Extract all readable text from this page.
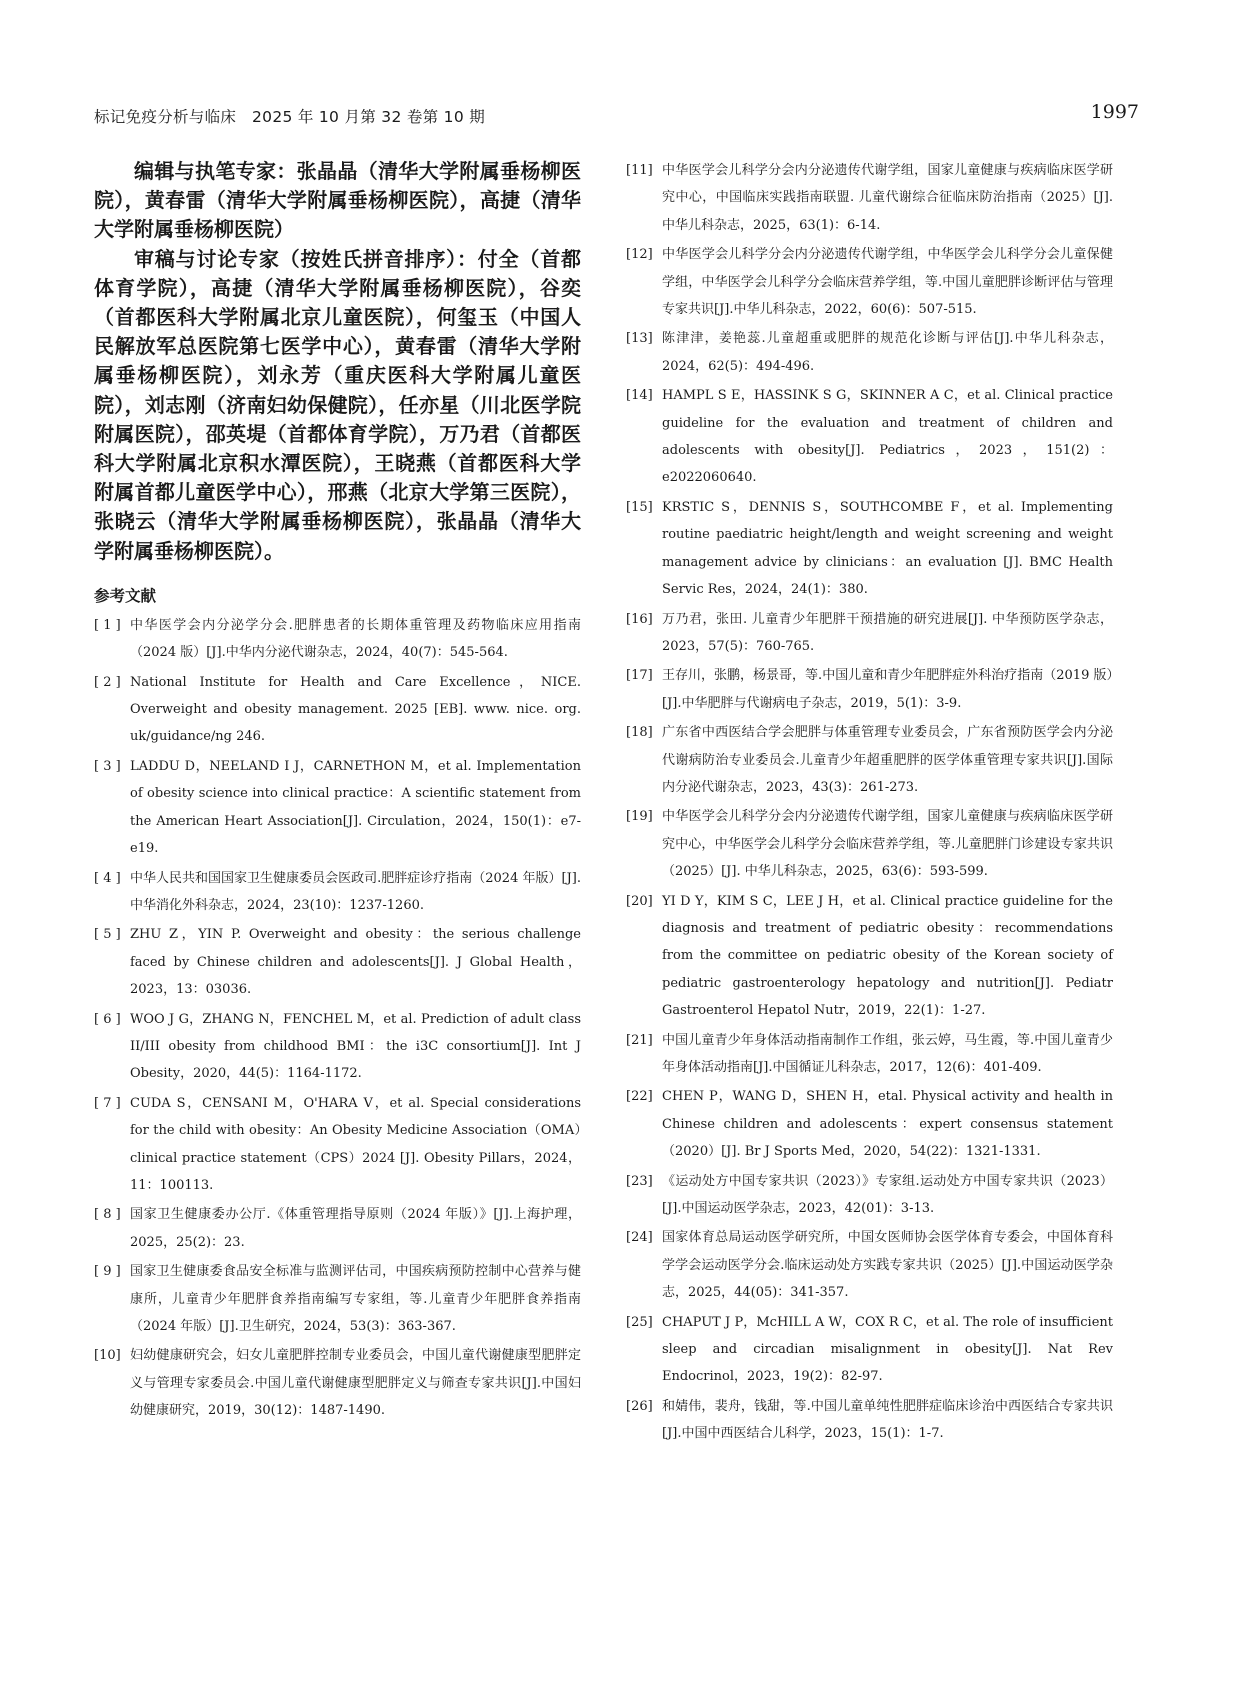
标记免疫分析与临床　2025 年 10 月第 32 卷第 10 期	1997

编辑与执笔专家：张晶晶（清华大学附属垂杨柳医院），黄春雷（清华大学附属垂杨柳医院），高捷（清华大学附属垂杨柳医院）

审稿与讨论专家（按姓氏拼音排序）：付全（首都体育学院），高捷（清华大学附属垂杨柳医院），谷奕（首都医科大学附属北京儿童医院），何玺玉（中国人民解放军总医院第七医学中心），黄春雷（清华大学附属垂杨柳医院），刘永芳（重庆医科大学附属儿童医院），刘志刚（济南妇幼保健院），任亦星（川北医学院附属医院），邵英堤（首都体育学院），万乃君（首都医科大学附属北京积水潭医院），王晓燕（首都医科大学附属首都儿童医学中心），邢燕（北京大学第三医院），张晓云（清华大学附属垂杨柳医院），张晶晶（清华大学附属垂杨柳医院）。

参考文献
[ 1 ] 中华医学会内分泌学分会.肥胖患者的长期体重管理及药物临床应用指南（2024 版）[J].中华内分泌代谢杂志，2024，40(7)：545-564.
[ 2 ] National Institute for Health and Care Excellence，NICE. Overweight and obesity management. 2025 [EB]. www. nice. org. uk/guidance/ng 246.
[ 3 ] LADDU D，NEELAND I J，CARNETHON M，et al. Implementation of obesity science into clinical practice：A scientific statement from the American Heart Association[J]. Circulation，2024，150(1)：e7-e19.
[ 4 ] 中华人民共和国国家卫生健康委员会医政司.肥胖症诊疗指南（2024 年版）[J].中华消化外科杂志，2024，23(10)：1237-1260.
[ 5 ] ZHU Z，YIN P. Overweight and obesity：the serious challenge faced by Chinese children and adolescents[J]. J Global Health，2023，13：03036.
[ 6 ] WOO J G，ZHANG N，FENCHEL M，et al. Prediction of adult class II/III obesity from childhood BMI：the i3C consortium[J]. Int J Obesity，2020，44(5)：1164-1172.
[ 7 ] CUDA S，CENSANI M，O'HARA V，et al. Special considerations for the child with obesity：An Obesity Medicine Association（OMA）clinical practice statement（CPS）2024 [J]. Obesity Pillars，2024，11：100113.
[ 8 ] 国家卫生健康委办公厅.《体重管理指导原则（2024 年版）》[J].上海护理，2025，25(2)：23.
[ 9 ] 国家卫生健康委食品安全标准与监测评估司，中国疾病预防控制中心营养与健康所，儿童青少年肥胖食养指南编写专家组，等.儿童青少年肥胖食养指南（2024 年版）[J].卫生研究，2024，53(3)：363-367.
[10] 妇幼健康研究会，妇女儿童肥胖控制专业委员会，中国儿童代谢健康型肥胖定义与管理专家委员会.中国儿童代谢健康型肥胖定义与筛查专家共识[J].中国妇幼健康研究，2019，30(12)：1487-1490.
[11] 中华医学会儿科学分会内分泌遗传代谢学组，国家儿童健康与疾病临床医学研究中心，中国临床实践指南联盟. 儿童代谢综合征临床防治指南（2025）[J]. 中华儿科杂志，2025，63(1)：6-14.
[12] 中华医学会儿科学分会内分泌遗传代谢学组，中华医学会儿科学分会儿童保健学组，中华医学会儿科学分会临床营养学组，等.中国儿童肥胖诊断评估与管理专家共识[J].中华儿科杂志，2022，60(6)：507-515.
[13] 陈津津，姜艳蕊.儿童超重或肥胖的规范化诊断与评估[J].中华儿科杂志，2024，62(5)：494-496.
[14] HAMPL S E，HASSINK S G，SKINNER A C，et al. Clinical practice guideline for the evaluation and treatment of children and adolescents with obesity[J]. Pediatrics，2023，151(2)：e2022060640.
[15] KRSTIC S，DENNIS S，SOUTHCOMBE F，et al. Implementing routine paediatric height/length and weight screening and weight management advice by clinicians：an evaluation [J]. BMC Health Servic Res，2024，24(1)：380.
[16] 万乃君，张田. 儿童青少年肥胖干预措施的研究进展[J]. 中华预防医学杂志，2023，57(5)：760-765.
[17] 王存川，张鹏，杨景哥，等.中国儿童和青少年肥胖症外科治疗指南（2019 版）[J].中华肥胖与代谢病电子杂志，2019，5(1)：3-9.
[18] 广东省中西医结合学会肥胖与体重管理专业委员会，广东省预防医学会内分泌代谢病防治专业委员会.儿童青少年超重肥胖的医学体重管理专家共识[J].国际内分泌代谢杂志，2023，43(3)：261-273.
[19] 中华医学会儿科学分会内分泌遗传代谢学组，国家儿童健康与疾病临床医学研究中心，中华医学会儿科学分会临床营养学组，等.儿童肥胖门诊建设专家共识（2025）[J]. 中华儿科杂志，2025，63(6)：593-599.
[20] YI D Y，KIM S C，LEE J H，et al. Clinical practice guideline for the diagnosis and treatment of pediatric obesity：recommendations from the committee on pediatric obesity of the Korean society of pediatric gastroenterology hepatology and nutrition[J]. Pediatr Gastroenterol Hepatol Nutr，2019，22(1)：1-27.
[21] 中国儿童青少年身体活动指南制作工作组，张云婷，马生霞，等.中国儿童青少年身体活动指南[J].中国循证儿科杂志，2017，12(6)：401-409.
[22] CHEN P，WANG D，SHEN H，etal. Physical activity and health in Chinese children and adolescents：expert consensus statement（2020）[J]. Br J Sports Med，2020，54(22)：1321-1331.
[23] 《运动处方中国专家共识（2023）》专家组.运动处方中国专家共识（2023）[J].中国运动医学杂志，2023，42(01)：3-13.
[24] 国家体育总局运动医学研究所，中国女医师协会医学体育专委会，中国体育科学学会运动医学分会.临床运动处方实践专家共识（2025）[J].中国运动医学杂志，2025，44(05)：341-357.
[25] CHAPUT J P，McHILL A W，COX R C，et al. The role of insufficient sleep and circadian misalignment in obesity[J]. Nat Rev Endocrinol，2023，19(2)：82-97.
[26] 和婧伟，裴舟，钱甜，等.中国儿童单纯性肥胖症临床诊治中西医结合专家共识[J].中国中西医结合儿科学，2023，15(1)：1-7.
